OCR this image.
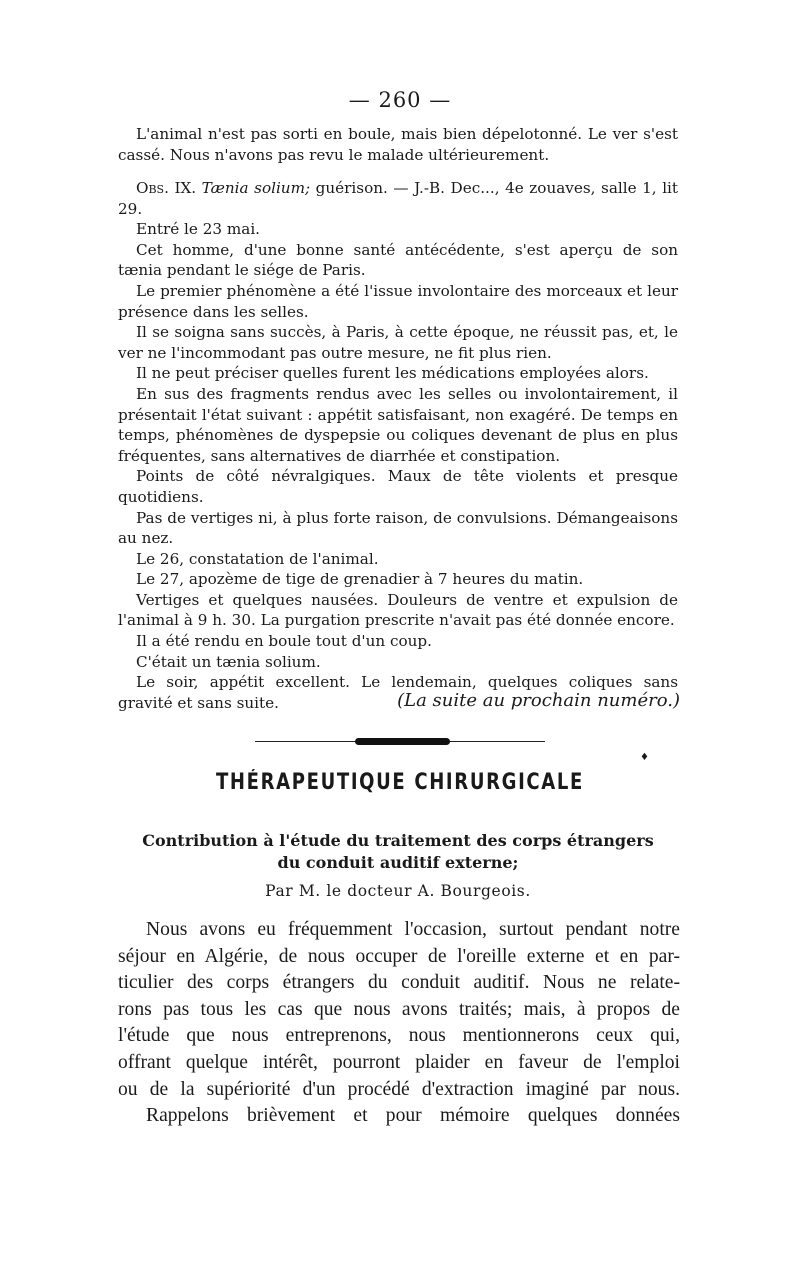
— 260 —

L'animal n'est pas sorti en boule, mais bien dépelotonné. Le ver s'est cassé. Nous n'avons pas revu le malade ultérieurement.

Obs. IX. Tænia solium; guérison. — J.-B. Dec..., 4e zouaves, salle 1, lit 29.

Entré le 23 mai.

Cet homme, d'une bonne santé antécédente, s'est aperçu de son tænia pendant le siége de Paris.

Le premier phénomène a été l'issue involontaire des morceaux et leur présence dans les selles.

Il se soigna sans succès, à Paris, à cette époque, ne réussit pas, et, le ver ne l'incommodant pas outre mesure, ne fit plus rien.

Il ne peut préciser quelles furent les médications employées alors.

En sus des fragments rendus avec les selles ou involontairement, il présentait l'état suivant : appétit satisfaisant, non exagéré. De temps en temps, phénomènes de dyspepsie ou coliques devenant de plus en plus fréquentes, sans alternatives de diarrhée et constipation.

Points de côté névralgiques. Maux de tête violents et presque quotidiens.

Pas de vertiges ni, à plus forte raison, de convulsions. Démangeaisons au nez.

Le 26, constatation de l'animal.

Le 27, apozème de tige de grenadier à 7 heures du matin.

Vertiges et quelques nausées. Douleurs de ventre et expulsion de l'animal à 9 h. 30. La purgation prescrite n'avait pas été donnée encore.

Il a été rendu en boule tout d'un coup.

C'était un tænia solium.

Le soir, appétit excellent. Le lendemain, quelques coliques sans gravité et sans suite.	(La suite au prochain numéro.)
♦
THÉRAPEUTIQUE CHIRURGICALE
Contribution à l'étude du traitement des corps étrangers
du conduit auditif externe;
Par M. le docteur A. Bourgeois.
Nous avons eu fréquemment l'occasion, surtout pendant notre
séjour en Algérie, de nous occuper de l'oreille externe et en par-
ticulier des corps étrangers du conduit auditif. Nous ne relate-
rons pas tous les cas que nous avons traités; mais, à propos de
l'étude que nous entreprenons, nous mentionnerons ceux qui,
offrant quelque intérêt, pourront plaider en faveur de l'emploi
ou de la supériorité d'un procédé d'extraction imaginé par nous.
Rappelons brièvement et pour mémoire quelques données
